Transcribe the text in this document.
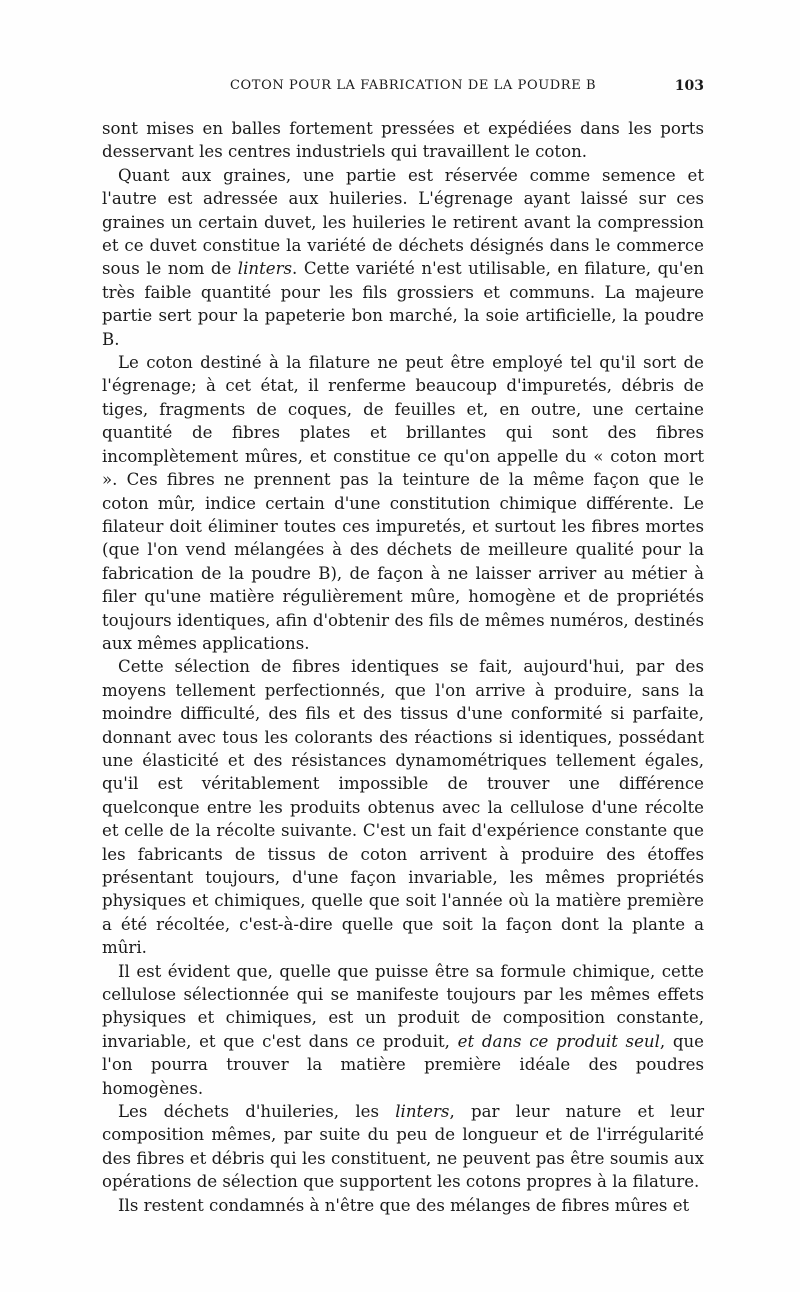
COTON POUR LA FABRICATION DE LA POUDRE B	103

sont mises en balles fortement pressées et expédiées dans les ports desservant les centres industriels qui travaillent le coton.

Quant aux graines, une partie est réservée comme semence et l'autre est adressée aux huileries. L'égrenage ayant laissé sur ces graines un certain duvet, les huileries le retirent avant la compression et ce duvet constitue la variété de déchets désignés dans le commerce sous le nom de linters. Cette variété n'est utilisable, en filature, qu'en très faible quantité pour les fils grossiers et communs. La majeure partie sert pour la papeterie bon marché, la soie artificielle, la poudre B.

Le coton destiné à la filature ne peut être employé tel qu'il sort de l'égrenage; à cet état, il renferme beaucoup d'impuretés, débris de tiges, fragments de coques, de feuilles et, en outre, une certaine quantité de fibres plates et brillantes qui sont des fibres incomplètement mûres, et constitue ce qu'on appelle du « coton mort ». Ces fibres ne prennent pas la teinture de la même façon que le coton mûr, indice certain d'une constitution chimique différente. Le filateur doit éliminer toutes ces impuretés, et surtout les fibres mortes (que l'on vend mélangées à des déchets de meilleure qualité pour la fabrication de la poudre B), de façon à ne laisser arriver au métier à filer qu'une matière régulièrement mûre, homogène et de propriétés toujours identiques, afin d'obtenir des fils de mêmes numéros, destinés aux mêmes applications.

Cette sélection de fibres identiques se fait, aujourd'hui, par des moyens tellement perfectionnés, que l'on arrive à produire, sans la moindre difficulté, des fils et des tissus d'une conformité si parfaite, donnant avec tous les colorants des réactions si identiques, possédant une élasticité et des résistances dynamométriques tellement égales, qu'il est véritablement impossible de trouver une différence quelconque entre les produits obtenus avec la cellulose d'une récolte et celle de la récolte suivante. C'est un fait d'expérience constante que les fabricants de tissus de coton arrivent à produire des étoffes présentant toujours, d'une façon invariable, les mêmes propriétés physiques et chimiques, quelle que soit l'année où la matière première a été récoltée, c'est-à-dire quelle que soit la façon dont la plante a mûri.

Il est évident que, quelle que puisse être sa formule chimique, cette cellulose sélectionnée qui se manifeste toujours par les mêmes effets physiques et chimiques, est un produit de composition constante, invariable, et que c'est dans ce produit, et dans ce produit seul, que l'on pourra trouver la matière première idéale des poudres homogènes.

Les déchets d'huileries, les linters, par leur nature et leur composition mêmes, par suite du peu de longueur et de l'irrégularité des fibres et débris qui les constituent, ne peuvent pas être soumis aux opérations de sélection que supportent les cotons propres à la filature.

Ils restent condamnés à n'être que des mélanges de fibres mûres et
